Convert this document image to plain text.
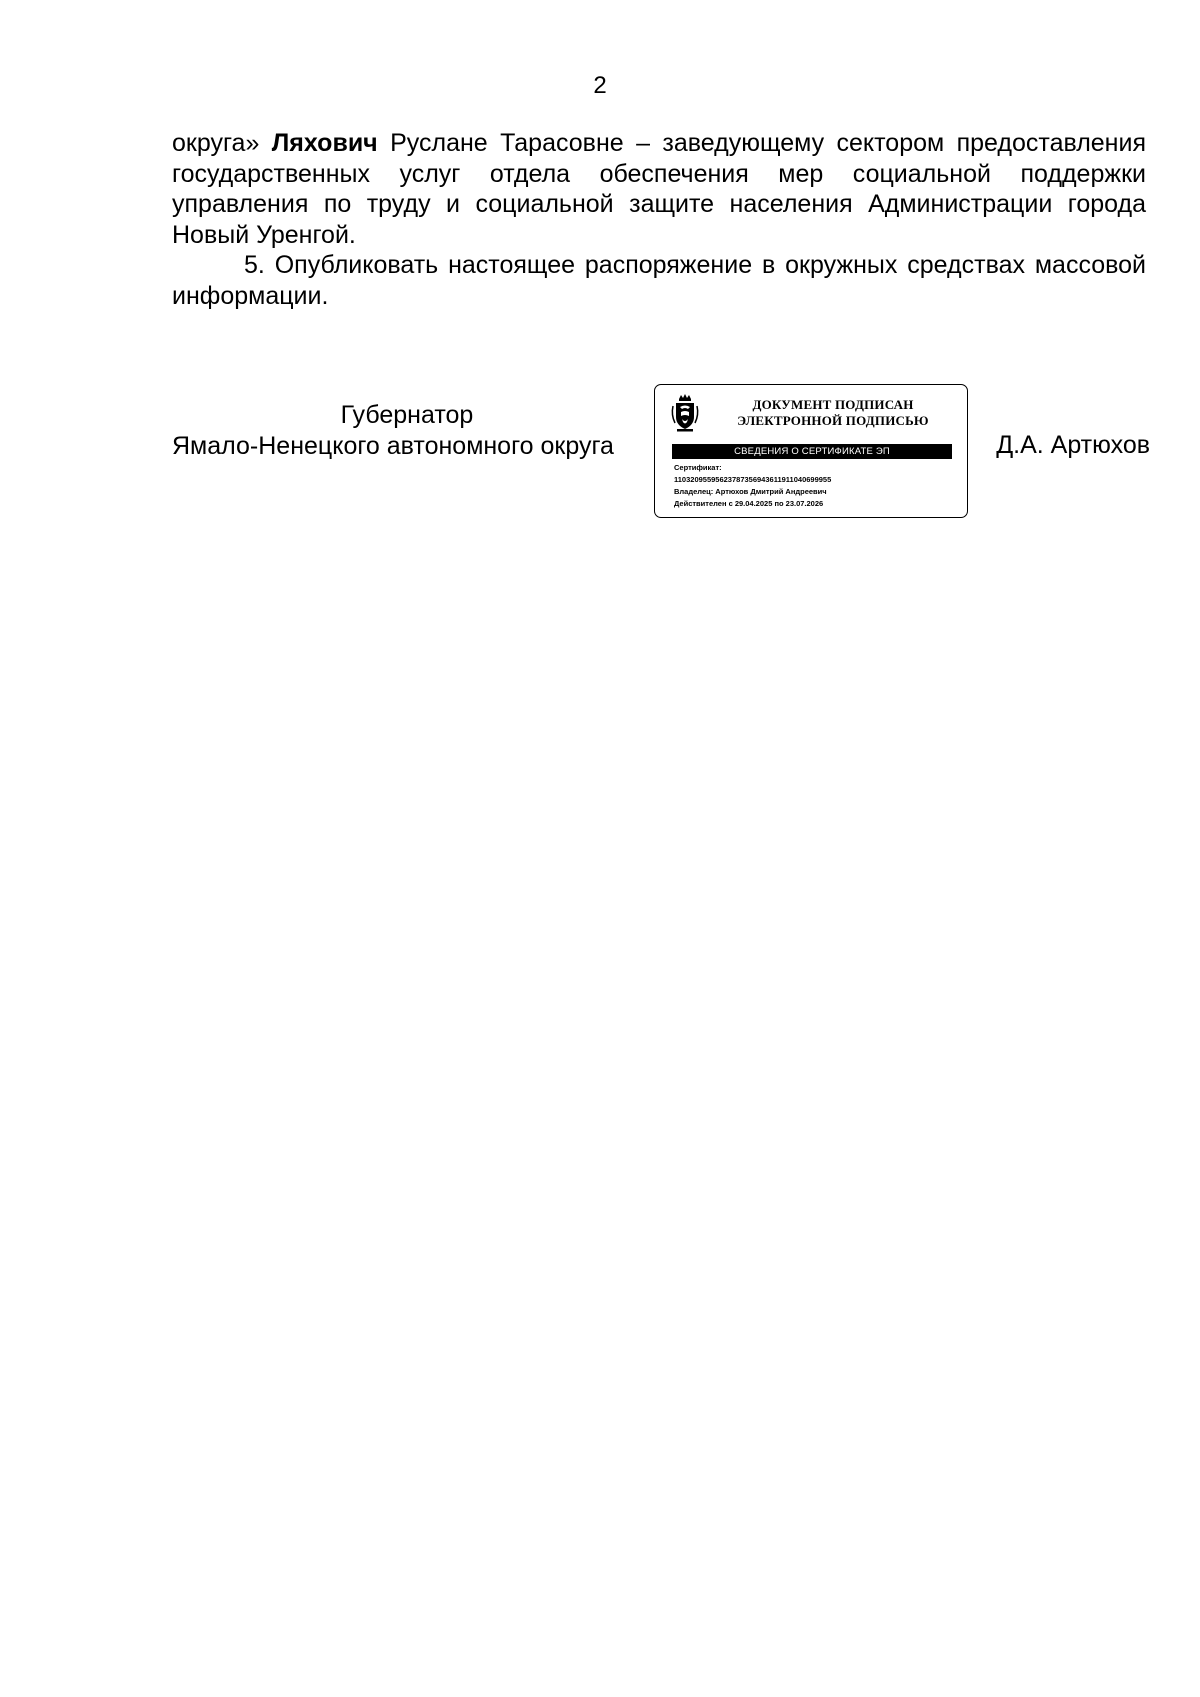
2

округа» Ляхович Руслане Тарасовне – заведующему сектором предоставления государственных услуг отдела обеспечения мер социальной поддержки управления по труду и социальной защите населения Администрации города Новый Уренгой.

5. Опубликовать настоящее распоряжение в окружных средствах массовой информации.

Губернатор
Ямало-Ненецкого автономного округа
ДОКУМЕНТ ПОДПИСАН
ЭЛЕКТРОННОЙ ПОДПИСЬЮ
СВЕДЕНИЯ О СЕРТИФИКАТЕ ЭП
Сертификат:
11032095595623787356943611911040699955
Владелец: Артюхов Дмитрий Андреевич
Действителен с 29.04.2025 по 23.07.2026
Д.А. Артюхов
